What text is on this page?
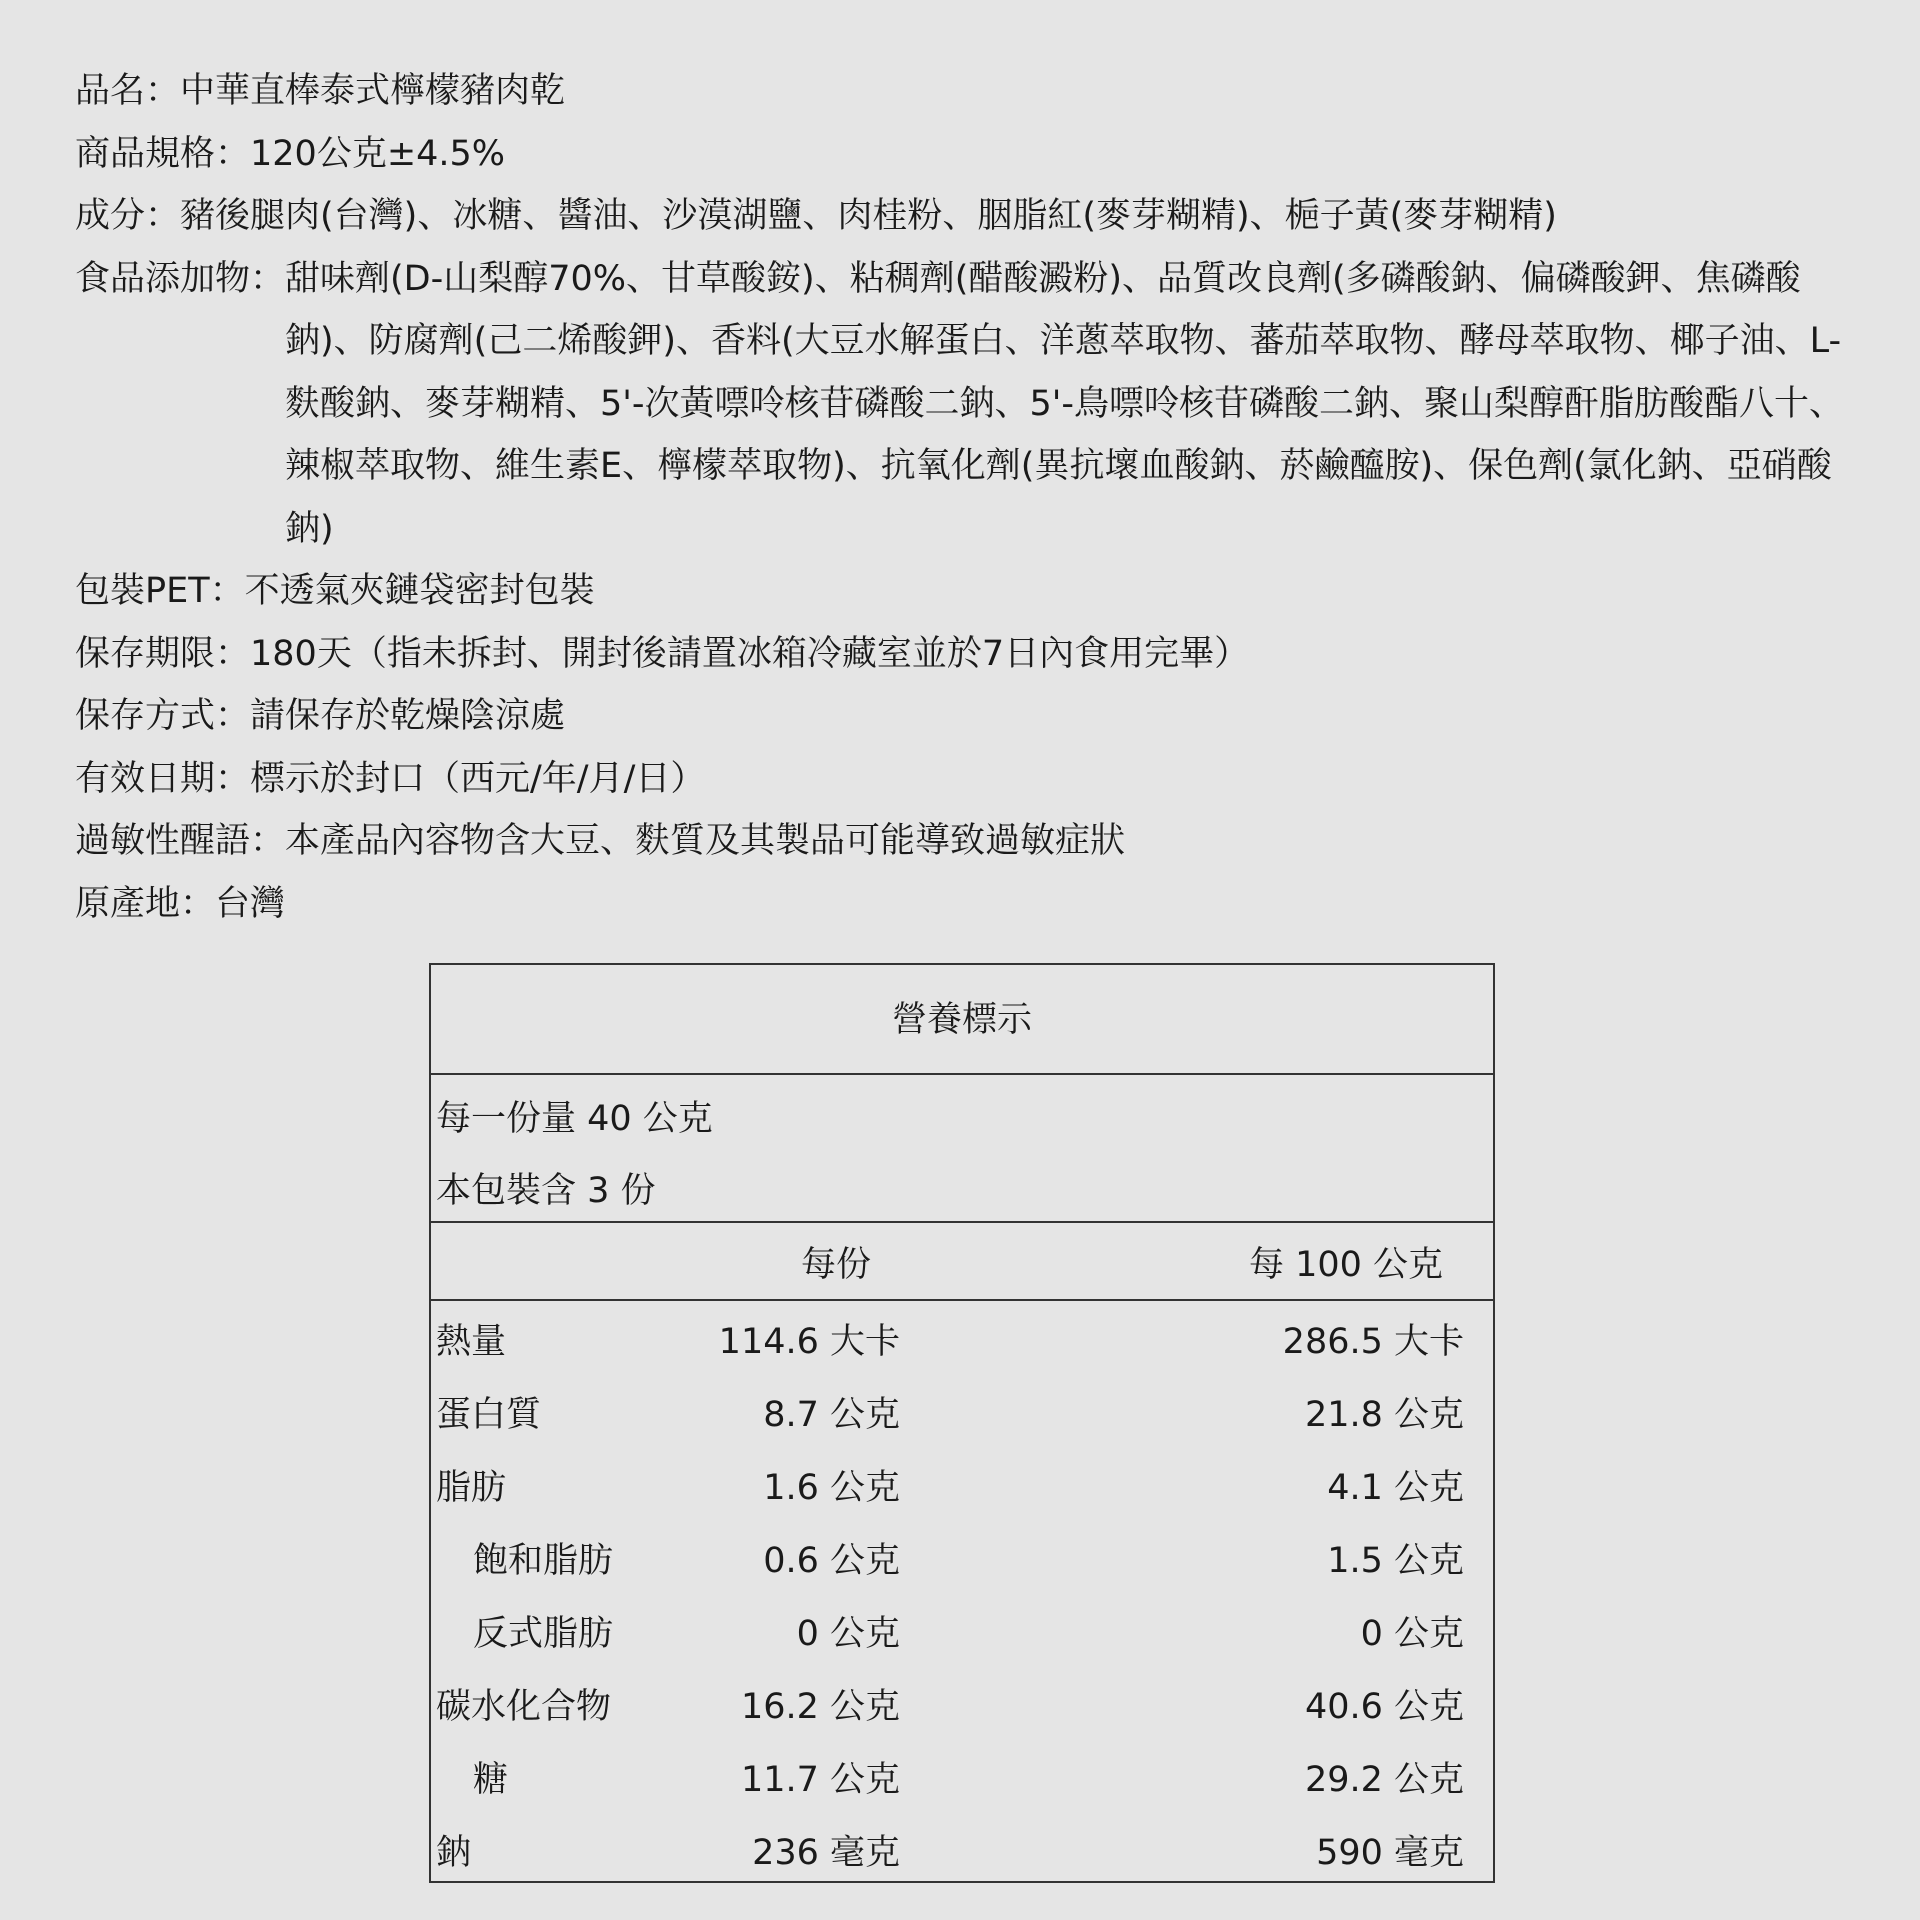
品名： 中華直棒泰式檸檬豬肉乾
商品規格： 120公克±4.5%
成分： 豬後腿肉(台灣)、冰糖、醬油、沙漠湖鹽、肉桂粉、胭脂紅(麥芽糊精)、梔子黃(麥芽糊精)
食品添加物： 甜味劑(D-山梨醇70%、甘草酸銨)、粘稠劑(醋酸澱粉)、品質改良劑(多磷酸鈉、偏磷酸鉀、焦磷酸鈉)、防腐劑(己二烯酸鉀)、香料(大豆水解蛋白、洋蔥萃取物、蕃茄萃取物、酵母萃取物、椰子油、L-麩酸鈉、麥芽糊精、5'-次黃嘌呤核苷磷酸二鈉、5'-鳥嘌呤核苷磷酸二鈉、聚山梨醇酐脂肪酸酯八十、辣椒萃取物、維生素E、檸檬萃取物)、抗氧化劑(異抗壞血酸鈉、菸鹼醯胺)、保色劑(氯化鈉、亞硝酸鈉)
包裝PET： 不透氣夾鏈袋密封包裝
保存期限： 180天（指未拆封、開封後請置冰箱冷藏室並於7日內食用完畢）
保存方式： 請保存於乾燥陰涼處
有效日期： 標示於封口（西元/年/月/日）
過敏性醒語： 本產品內容物含大豆、麩質及其製品可能導致過敏症狀
原產地： 台灣
營養標示
每一份量 40 公克
本包裝含 3 份
每份	每 100 公克
熱量	114.6 大卡	286.5 大卡
蛋白質	8.7 公克	21.8 公克
脂肪	1.6 公克	4.1 公克
飽和脂肪	0.6 公克	1.5 公克
反式脂肪	0 公克	0 公克
碳水化合物	16.2 公克	40.6 公克
糖	11.7 公克	29.2 公克
鈉	236 毫克	590 毫克
